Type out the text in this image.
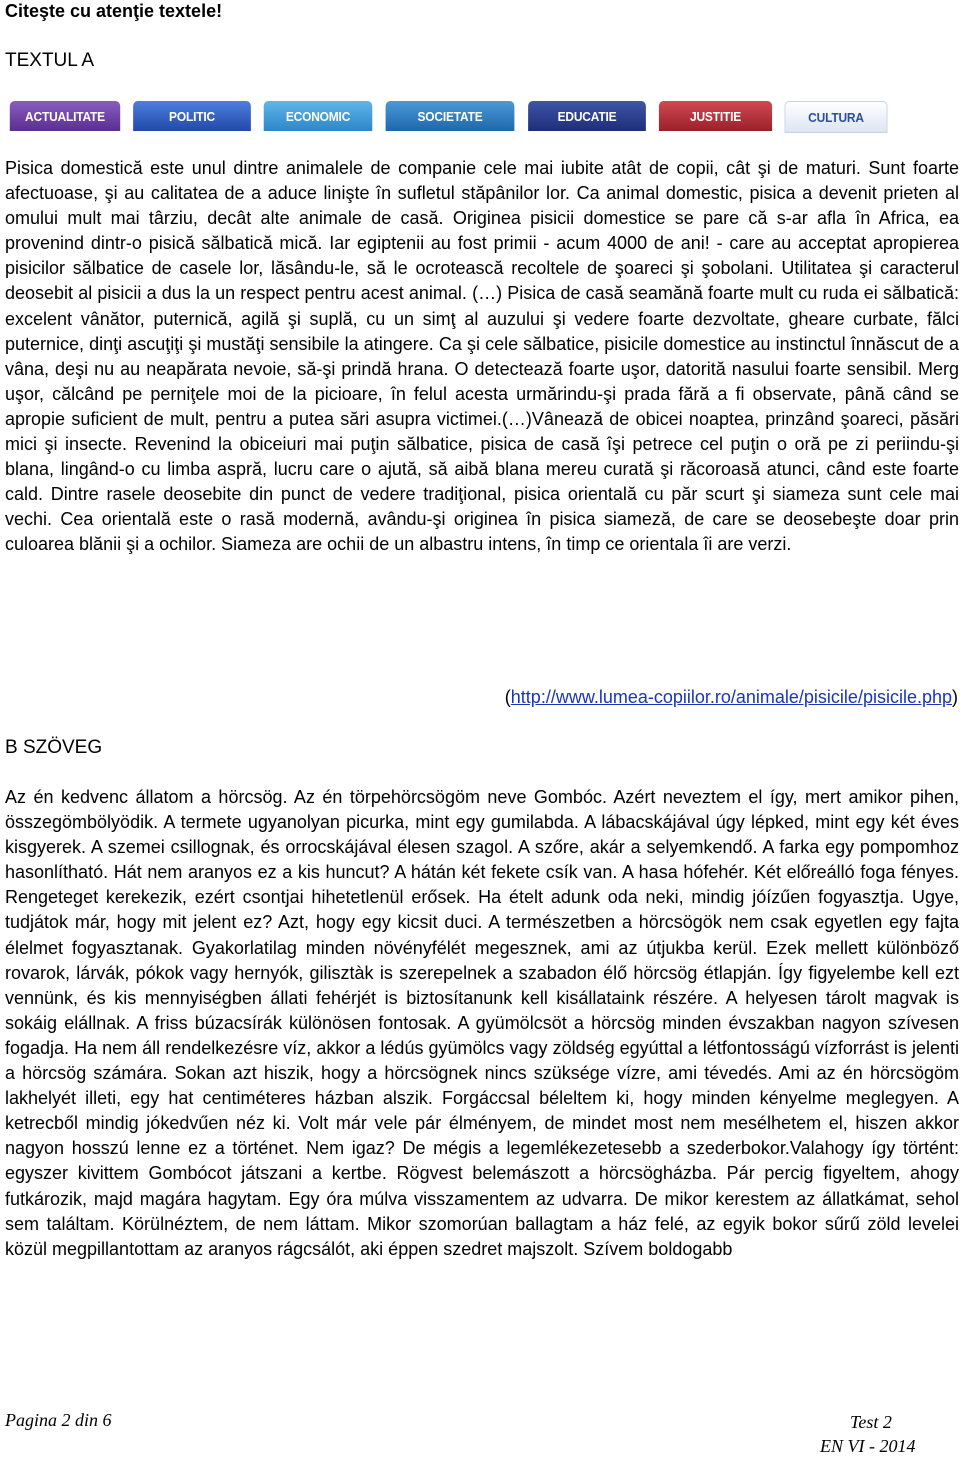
Citeşte cu atenţie textele!
TEXTUL A
ACTUALITATE	POLITIC	ECONOMIC	SOCIETATE	EDUCATIE	JUSTITIE	CULTURA

Pisica domestică este unul dintre animalele de companie cele mai iubite atât de copii, cât şi de maturi. Sunt foarte afectuoase, şi au calitatea de a aduce linişte în sufletul stăpânilor lor. Ca animal domestic, pisica a devenit prieten al omului mult mai târziu, decât alte animale de casă. Originea pisicii domestice se pare că s-ar afla în Africa, ea provenind dintr-o pisică sălbatică mică. Iar egiptenii au fost primii - acum 4000 de ani! - care au acceptat apropierea pisicilor sălbatice de casele lor, lăsându-le, să le ocrotească recoltele de şoareci şi şobolani. Utilitatea şi caracterul deosebit al pisicii a dus la un respect pentru acest animal. (…) Pisica de casă seamănă foarte mult cu ruda ei sălbatică: excelent vânător, puternică, agilă şi suplă, cu un simţ al auzului şi vedere foarte dezvoltate, gheare curbate, fălci puternice, dinţi ascuţiţi şi mustăţi sensibile la atingere. Ca şi cele sălbatice, pisicile domestice au instinctul înnăscut de a vâna, deşi nu au neapărata nevoie, să-şi prindă hrana. O detectează foarte uşor, datorită nasului foarte sensibil. Merg uşor, călcând pe perniţele moi de la picioare, în felul acesta urmărindu-şi prada fără a fi observate, până când se apropie suficient de mult, pentru a putea sări asupra victimei.(…)Vânează de obicei noaptea, prinzând şoareci, păsări mici şi insecte. Revenind la obiceiuri mai puţin sălbatice, pisica de casă îşi petrece cel puţin o oră pe zi periindu-şi blana, lingând-o cu limba aspră, lucru care o ajută, să aibă blana mereu curată şi răcoroasă atunci, când este foarte cald. Dintre rasele deosebite din punct de vedere tradiţional, pisica orientală cu păr scurt şi siameza sunt cele mai vechi. Cea orientală este o rasă modernă, avându-şi originea în pisica siameză, de care se deosebeşte doar prin culoarea blănii şi a ochilor. Siameza are ochii de un albastru intens, în timp ce orientala îi are verzi.

(http://www.lumea-copiilor.ro/animale/pisicile/pisicile.php)
B SZÖVEG

Az én kedvenc állatom a hörcsög. Az én törpehörcsögöm neve Gombóc. Azért neveztem el így, mert amikor pihen, összegömbölyödik. A termete ugyanolyan picurka, mint egy gumilabda. A lábacskájával úgy lépked, mint egy két éves kisgyerek. A szemei csillognak, és orrocskájával élesen szagol. A szőre, akár a selyemkendő. A farka egy pompomhoz hasonlítható. Hát nem aranyos ez a kis huncut? A hátán két fekete csík van. A hasa hófehér. Két előreálló foga fényes. Rengeteget kerekezik, ezért csontjai hihetetlenül erősek. Ha ételt adunk oda neki, mindig jóízűen fogyasztja. Ugye, tudjátok már, hogy mit jelent ez? Azt, hogy egy kicsit duci. A természetben a hörcsögök nem csak egyetlen egy fajta élelmet fogyasztanak. Gyakorlatilag minden növényfélét megesznek, ami az útjukba kerül. Ezek mellett különböző rovarok, lárvák, pókok vagy hernyók, gilisztàk is szerepelnek a szabadon élő hörcsög étlapján. Így figyelembe kell ezt vennünk, és kis mennyiségben állati fehérjét is biztosítanunk kell kisállataink részére. A helyesen tárolt magvak is sokáig elállnak. A friss búzacsírák különösen fontosak. A gyümölcsöt a hörcsög minden évszakban nagyon szívesen fogadja. Ha nem áll rendelkezésre víz, akkor a lédús gyümölcs vagy zöldség egyúttal a létfontosságú vízforrást is jelenti a hörcsög számára. Sokan azt hiszik, hogy a hörcsögnek nincs szüksége vízre, ami tévedés. Ami az én hörcsögöm lakhelyét illeti, egy hat centiméteres házban alszik. Forgáccsal béleltem ki, hogy minden kényelme meglegyen. A ketrecből mindig jókedvűen néz ki. Volt már vele pár élményem, de mindet most nem mesélhetem el, hiszen akkor nagyon hosszú lenne ez a történet. Nem igaz? De mégis a legemlékezetesebb a szederbokor.Valahogy így történt: egyszer kivittem Gombócot játszani a kertbe. Rögvest belemászott a hörcsögházba. Pár percig figyeltem, ahogy futkározik, majd magára hagytam. Egy óra múlva visszamentem az udvarra. De mikor kerestem az állatkámat, sehol sem találtam. Körülnéztem, de nem láttam. Mikor szomorúan ballagtam a ház felé, az egyik bokor sűrű zöld levelei közül megpillantottam az aranyos rágcsálót, aki éppen szedret majszolt. Szívem boldogabb

Pagina 2 din 6	Test 2
EN VI - 2014
